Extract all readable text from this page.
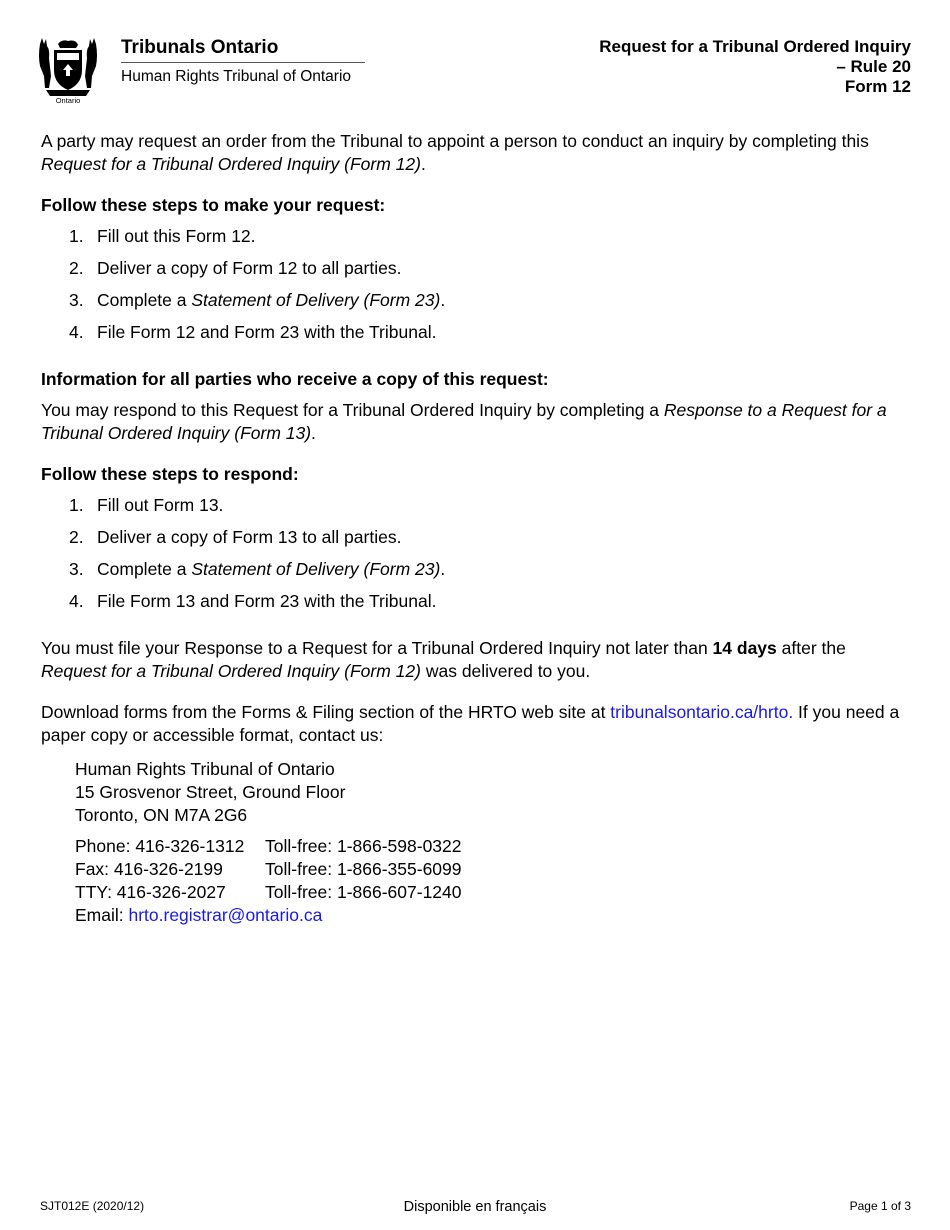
Ontario
Tribunals Ontario
Human Rights Tribunal of Ontario
Request for a Tribunal Ordered Inquiry
– Rule 20
Form 12

A party may request an order from the Tribunal to appoint a person to conduct an inquiry by completing this Request for a Tribunal Ordered Inquiry (Form 12).

Follow these steps to make your request:

1. Fill out this Form 12.
2. Deliver a copy of Form 12 to all parties.
3. Complete a Statement of Delivery (Form 23).
4. File Form 12 and Form 23 with the Tribunal.

Information for all parties who receive a copy of this request:

You may respond to this Request for a Tribunal Ordered Inquiry by completing a Response to a Request for a Tribunal Ordered Inquiry (Form 13).

Follow these steps to respond:

1. Fill out Form 13.
2. Deliver a copy of Form 13 to all parties.
3. Complete a Statement of Delivery (Form 23).
4. File Form 13 and Form 23 with the Tribunal.

You must file your Response to a Request for a Tribunal Ordered Inquiry not later than 14 days after the Request for a Tribunal Ordered Inquiry (Form 12) was delivered to you.

Download forms from the Forms & Filing section of the HRTO web site at tribunalsontario.ca/hrto. If you need a paper copy or accessible format, contact us:

Human Rights Tribunal of Ontario
15 Grosvenor Street, Ground Floor
Toronto, ON M7A 2G6
Phone: 416-326-1312	Toll-free: 1-866-598-0322
Fax: 416-326-2199	Toll-free: 1-866-355-6099
TTY: 416-326-2027	Toll-free: 1-866-607-1240
Email: hrto.registrar@ontario.ca
SJT012E (2020/12)	Disponible en français	Page 1 of 3
